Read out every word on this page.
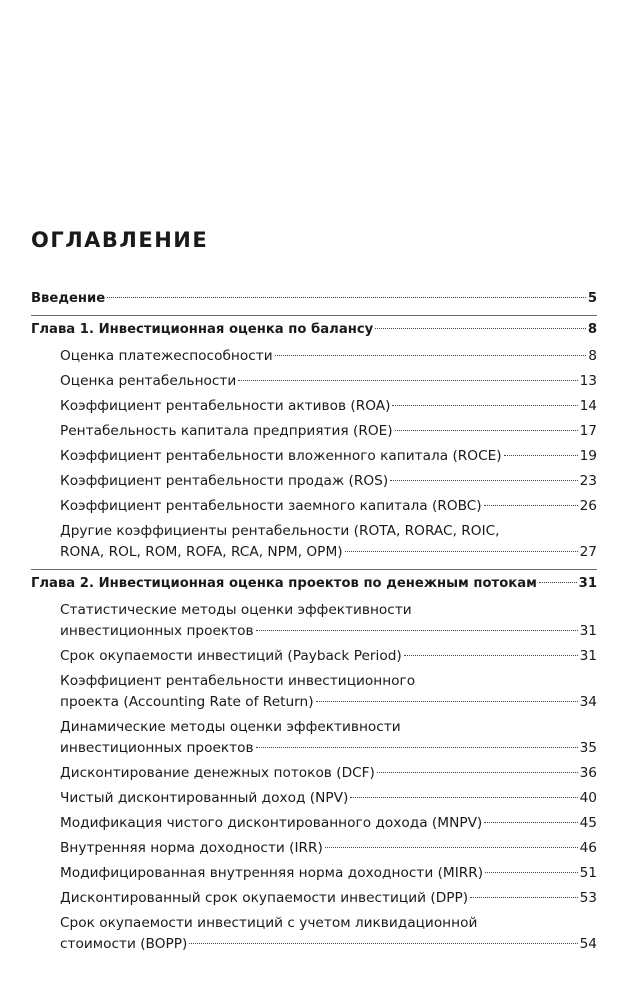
ОГЛАВЛЕНИЕ
Введение	5
Глава 1. Инвестиционная оценка по балансу	8
Оценка платежеспособности	8
Оценка рентабельности	13
Коэффициент рентабельности активов (ROA)	14
Рентабельность капитала предприятия (ROE)	17
Коэффициент рентабельности вложенного капитала (ROCE)	19
Коэффициент рентабельности продаж (ROS)	23
Коэффициент рентабельности заемного капитала (ROBC)	26
Другие коэффициенты рентабельности (ROTA, RORAC, ROIC,
RONA, ROL, ROM, ROFA, RCA, NPM, OPM)	27
Глава 2. Инвестиционная оценка проектов по денежным потокам	31
Статистические методы оценки эффективности
инвестиционных проектов	31
Срок окупаемости инвестиций (Payback Period)	31
Коэффициент рентабельности инвестиционного
проекта (Accounting Rate of Return)	34
Динамические методы оценки эффективности
инвестиционных проектов	35
Дисконтирование денежных потоков (DCF)	36
Чистый дисконтированный доход (NPV)	40
Модификация чистого дисконтированного дохода (MNPV)	45
Внутренняя норма доходности (IRR)	46
Модифицированная внутренняя норма доходности (MIRR)	51
Дисконтированный срок окупаемости инвестиций (DPP)	53
Срок окупаемости инвестиций с учетом ликвидационной
стоимости (BOPP)	54
